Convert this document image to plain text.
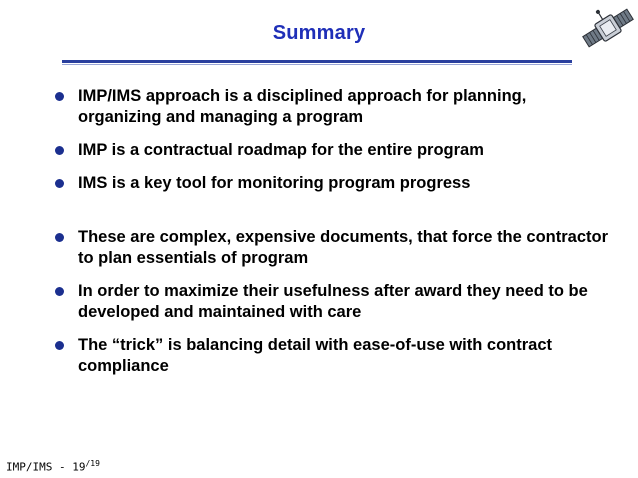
Summary
IMP/IMS approach is a disciplined approach for planning, organizing and managing a program
IMP is a contractual roadmap for the entire program
IMS is a key tool for monitoring program progress
These are complex, expensive documents, that force the contractor to plan essentials of program
In order to maximize their usefulness after award they need to be developed and maintained with care
The “trick” is balancing detail with ease-of-use with contract compliance
$IMP/IMS - 19^{/19}$
